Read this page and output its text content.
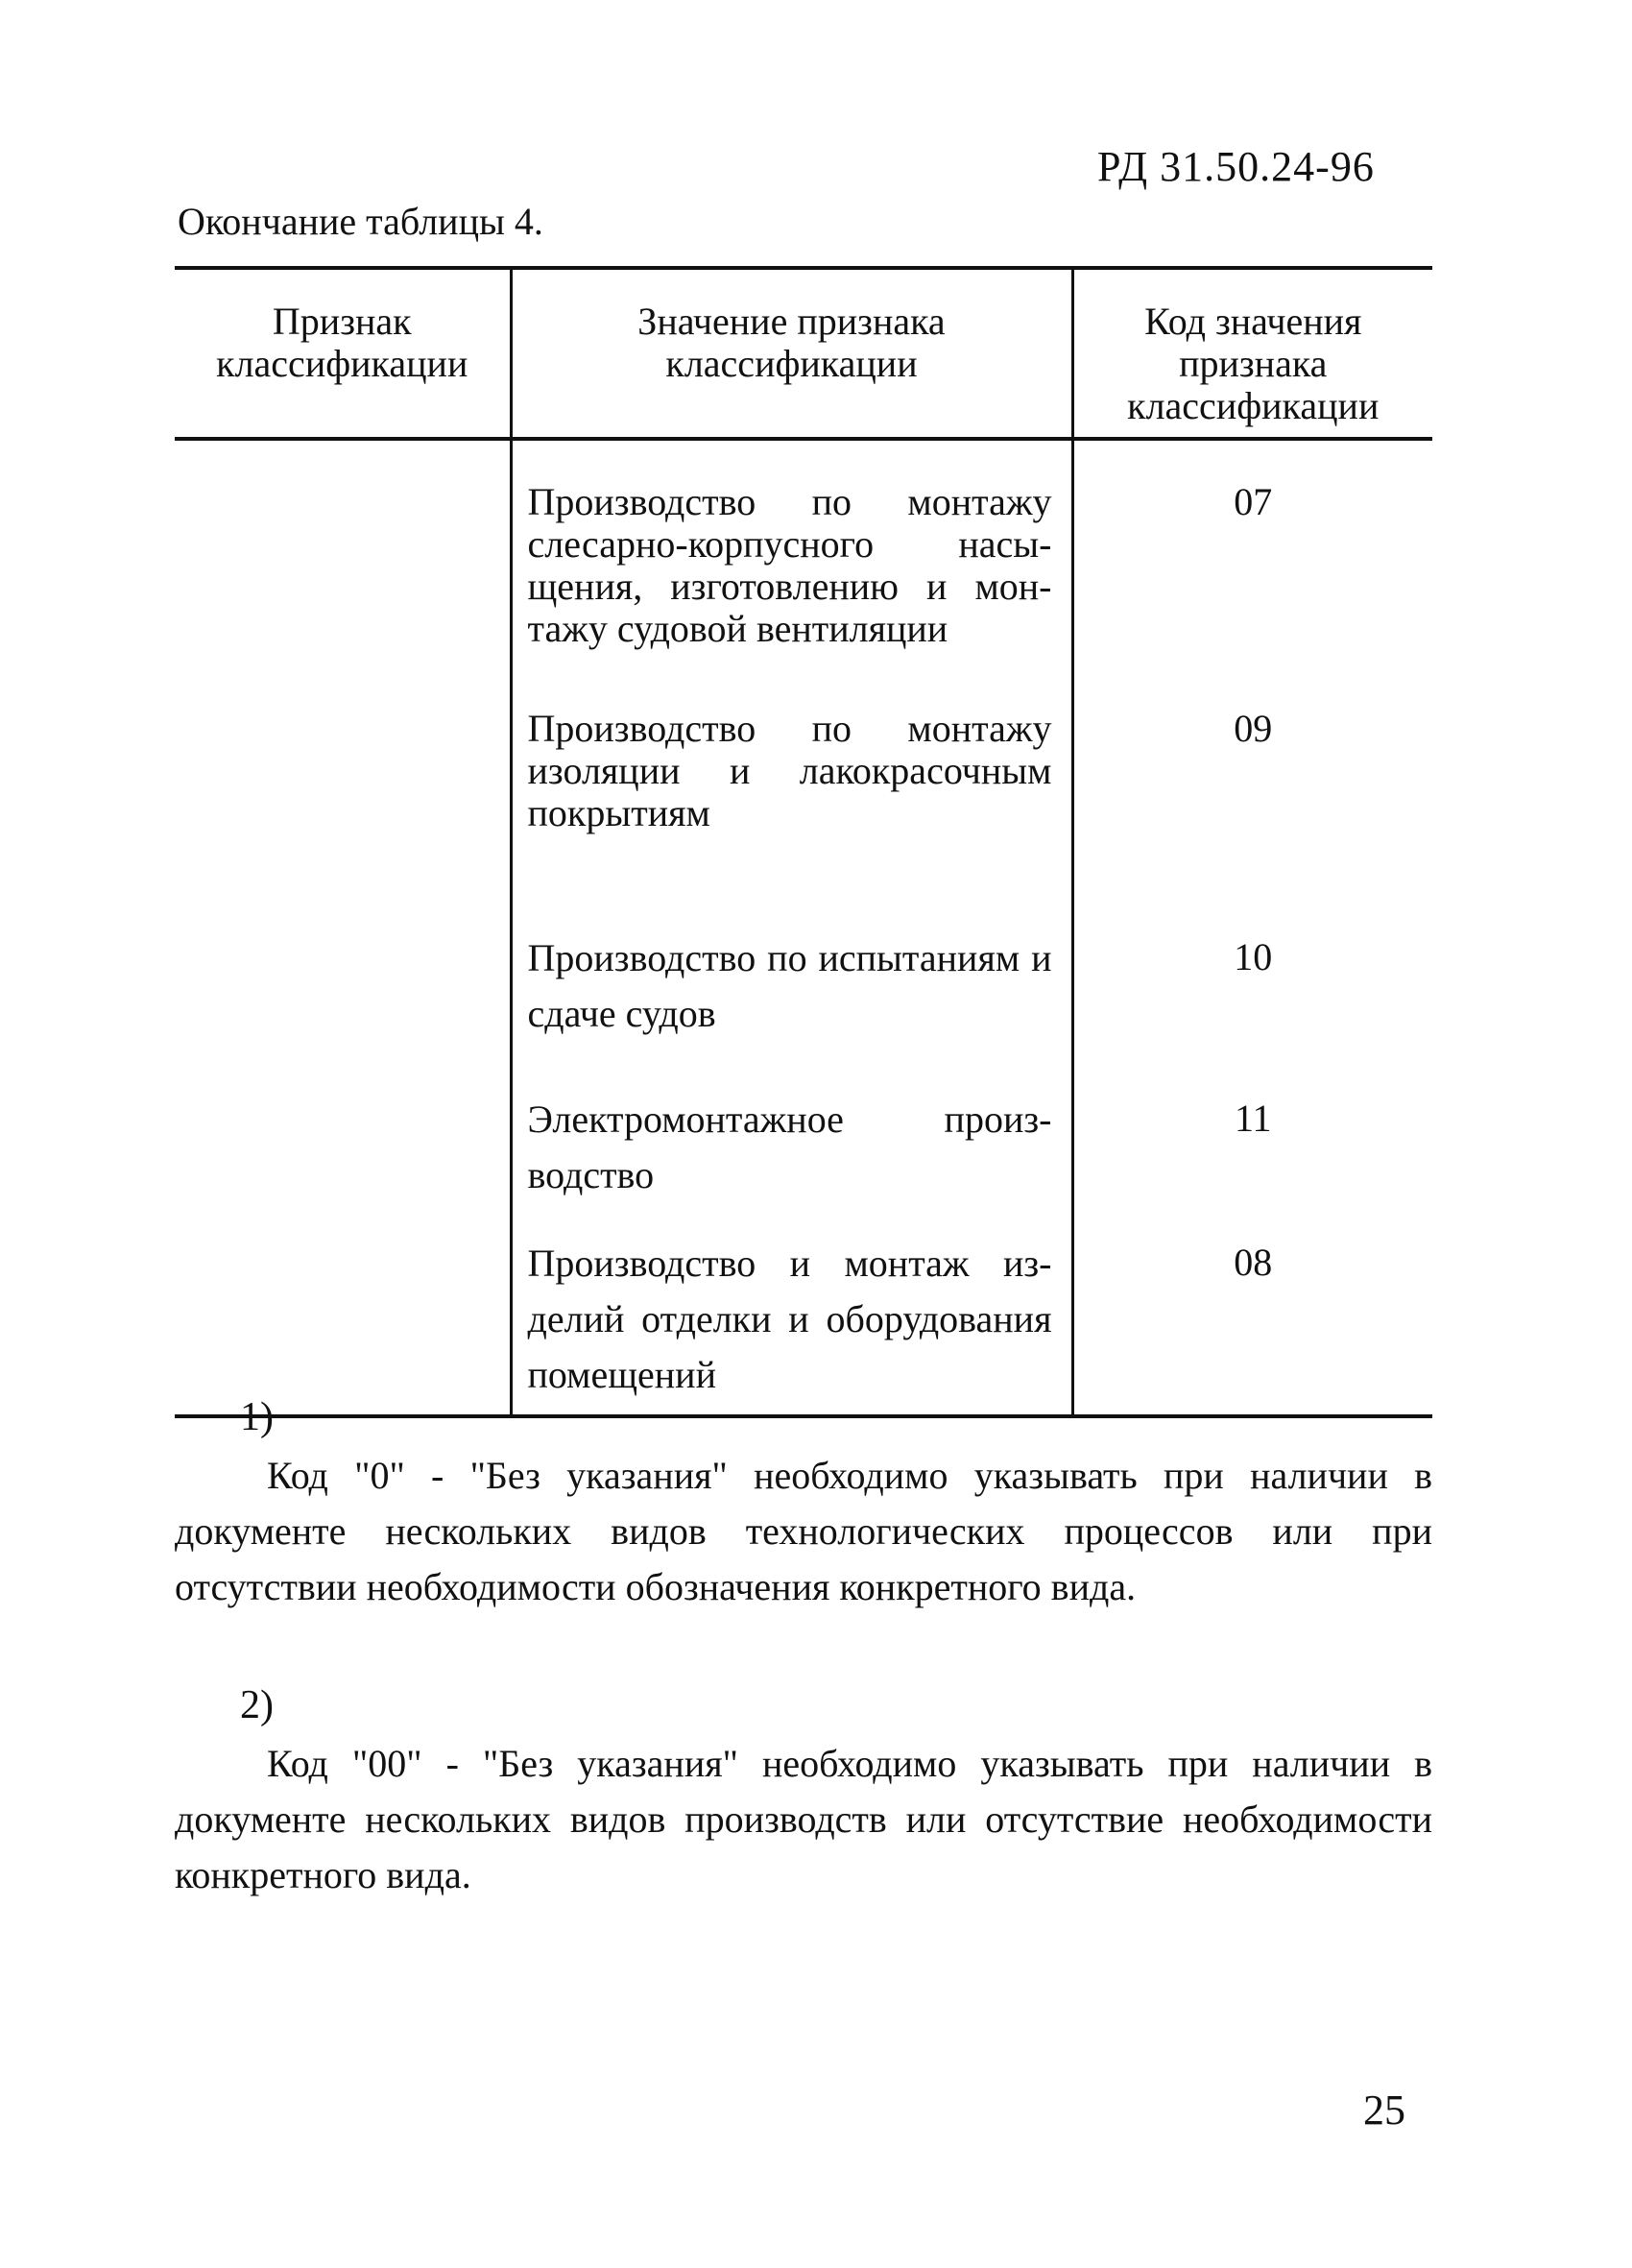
РД 31.50.24-96
Окончание таблицы 4.
Признак классификации	Значение признака классификации	Код значения признака классификации
	Производство по монтажу слесарно-корпусного насыщения, изготовлению и монтажу судовой вентиляции	07
	Производство по монтажу изоляции и лакокрасочным покрытиям	09
	Производство по испытаниям и сдаче судов	10
	Электромонтажное производство	11
	Производство и монтаж изделий отделки и оборудования помещений	08
1)
Код "0" - "Без указания" необходимо указывать при наличии в документе нескольких видов технологических процессов или при отсутствии необходимости обозначения конкретного вида.
2)
Код "00" - "Без указания" необходимо указывать при наличии в документе нескольких видов производств или отсутствие необходимости конкретного вида.
25
